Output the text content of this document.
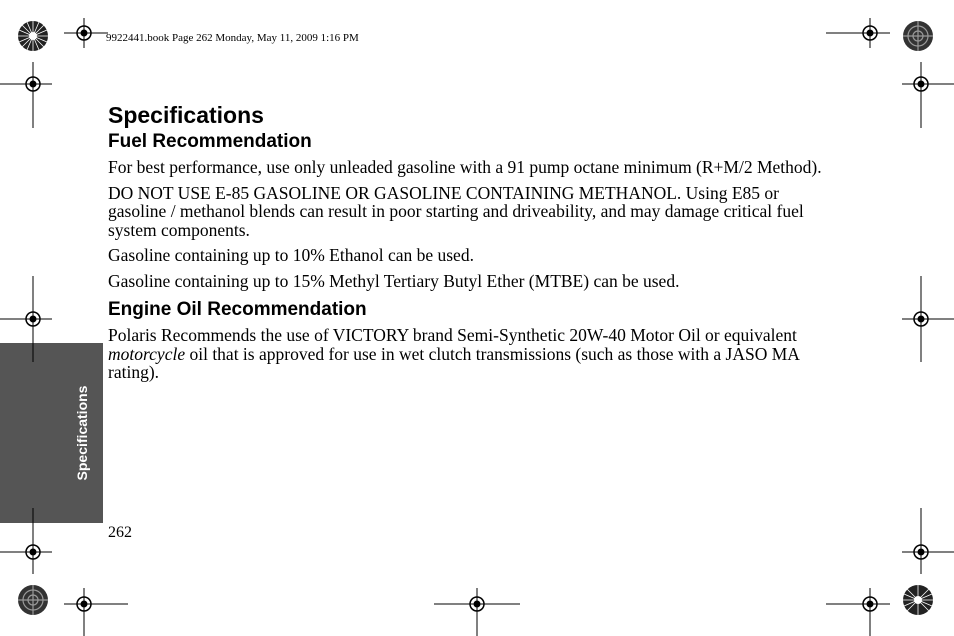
9922441.book Page 262 Monday, May 11, 2009 1:16 PM
Specifications
Specifications
Fuel Recommendation

For best performance, use only unleaded gasoline with a 91 pump octane minimum (R+M/2 Method).

DO NOT USE E-85 GASOLINE OR GASOLINE CONTAINING METHANOL. Using E85 or gasoline / methanol blends can result in poor starting and driveability, and may damage critical fuel system components.

Gasoline containing up to 10% Ethanol can be used.

Gasoline containing up to 15% Methyl Tertiary Butyl Ether (MTBE) can be used.

Engine Oil Recommendation

Polaris Recommends the use of VICTORY brand Semi-Synthetic 20W-40 Motor Oil or equivalent motorcycle oil that is approved for use in wet clutch transmissions (such as those with a JASO MA rating).

262
